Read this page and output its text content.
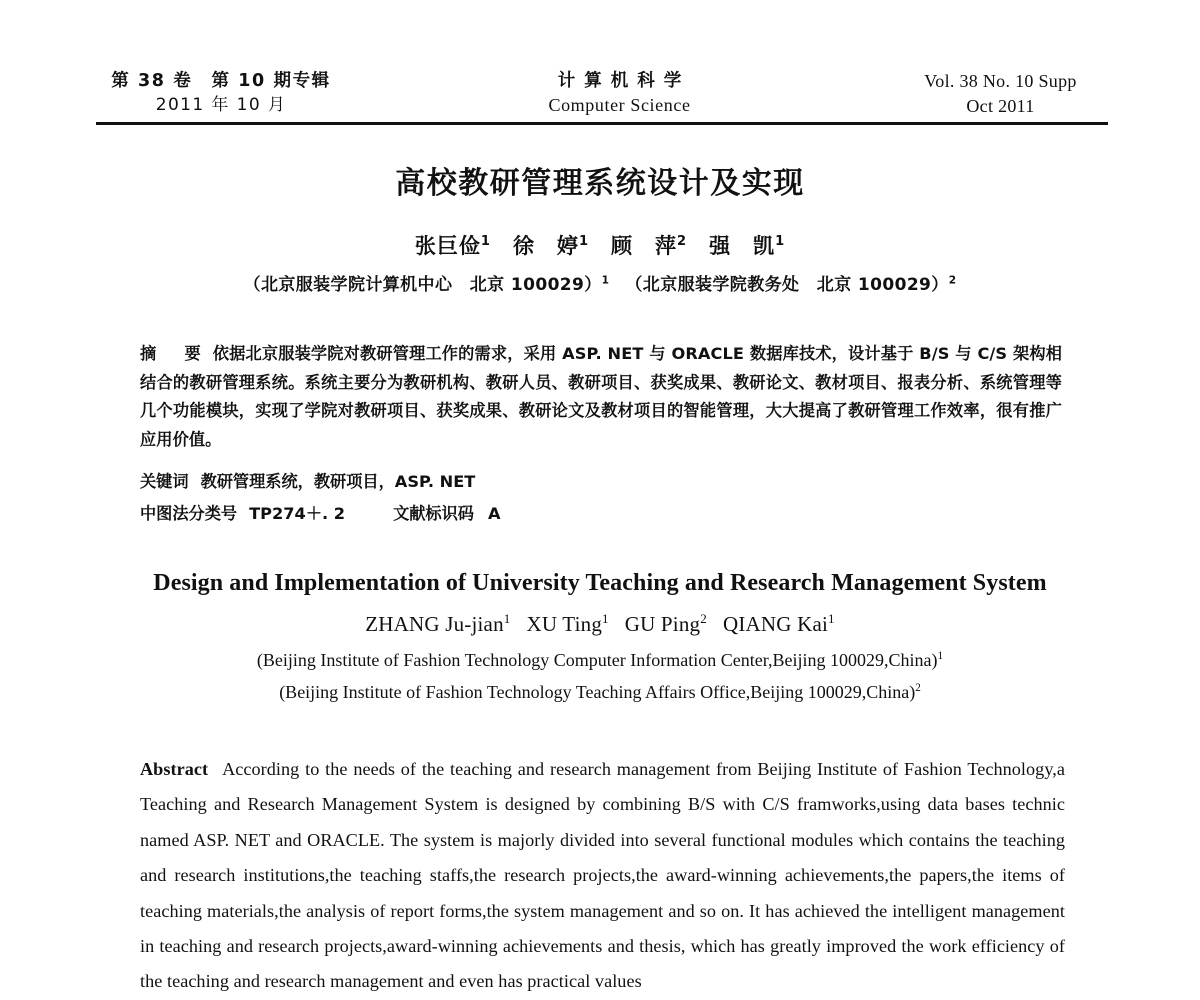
第 38 卷　第 10 期专辑
2011 年 10 月
计算机科学
Computer Science
Vol. 38 No. 10 Supp
Oct 2011
高校教研管理系统设计及实现
张巨俭$^1$ 徐　婷$^1$ 顾　萍$^2$ 强　凯$^1$
（北京服装学院计算机中心　北京 100029）$^1$ （北京服装学院教务处　北京 100029）$^2$
摘　要 依据北京服装学院对教研管理工作的需求，采用 ASP. NET 与 ORACLE 数据库技术，设计基于 B/S 与 C/S 架构相结合的教研管理系统。系统主要分为教研机构、教研人员、教研项目、获奖成果、教研论文、教材项目、报表分析、系统管理等几个功能模块，实现了学院对教研项目、获奖成果、教研论文及教材项目的智能管理，大大提高了教研管理工作效率，很有推广应用价值。
关键词 教研管理系统，教研项目，ASP. NET
中图法分类号 TP274＋. 2	文献标识码 A
Design and Implementation of University Teaching and Research Management System
ZHANG Ju-jian$^1$ XU Ting$^1$ GU Ping$^2$ QIANG Kai$^1$
(Beijing Institute of Fashion Technology Computer Information Center,Beijing 100029,China)$^1$
(Beijing Institute of Fashion Technology Teaching Affairs Office,Beijing 100029,China)$^2$
Abstract According to the needs of the teaching and research management from Beijing Institute of Fashion Technology,a Teaching and Research Management System is designed by combining B/S with C/S framworks,using data bases technic named ASP. NET and ORACLE. The system is majorly divided into several functional modules which contains the teaching and research institutions,the teaching staffs,the research projects,the award-winning achievements,the papers,the items of teaching materials,the analysis of report forms,the system management and so on. It has achieved the intelligent management in teaching and research projects,award-winning achievements and thesis, which has greatly improved the work efficiency of the teaching and research management and even has practical values
